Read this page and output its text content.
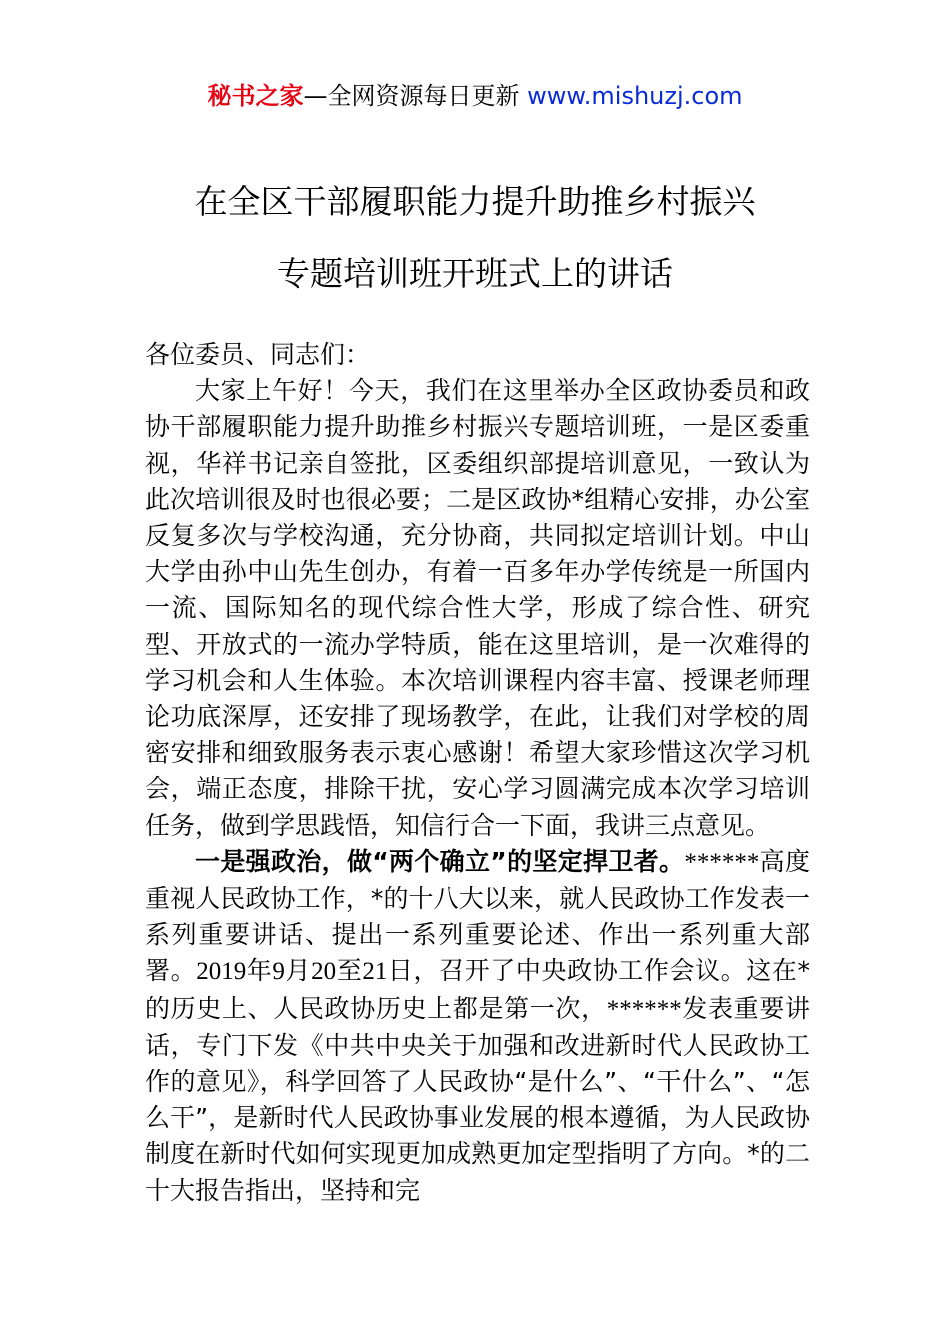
秘书之家—全网资源每日更新 www.mishuzj.com
在全区干部履职能力提升助推乡村振兴
专题培训班开班式上的讲话

各位委员、同志们：

大家上午好！今天，我们在这里举办全区政协委员和政协干部履职能力提升助推乡村振兴专题培训班，一是区委重视，华祥书记亲自签批，区委组织部提培训意见，一致认为此次培训很及时也很必要；二是区政协*组精心安排，办公室反复多次与学校沟通，充分协商，共同拟定培训计划。中山大学由孙中山先生创办，有着一百多年办学传统是一所国内一流、国际知名的现代综合性大学，形成了综合性、研究型、开放式的一流办学特质，能在这里培训，是一次难得的学习机会和人生体验。本次培训课程内容丰富、授课老师理论功底深厚，还安排了现场教学，在此，让我们对学校的周密安排和细致服务表示衷心感谢！希望大家珍惜这次学习机会，端正态度，排除干扰，安心学习圆满完成本次学习培训任务，做到学思践悟，知信行合一下面，我讲三点意见。

一是强政治，做“两个确立”的坚定捍卫者。******高度重视人民政协工作，*的十八大以来，就人民政协工作发表一系列重要讲话、提出一系列重要论述、作出一系列重大部署。2019年9月20至21日，召开了中央政协工作会议。这在*的历史上、人民政协历史上都是第一次，******发表重要讲话，专门下发《中共中央关于加强和改进新时代人民政协工作的意见》，科学回答了人民政协“是什么”、“干什么”、“怎么干”，是新时代人民政协事业发展的根本遵循，为人民政协制度在新时代如何实现更加成熟更加定型指明了方向。*的二十大报告指出，坚持和完
